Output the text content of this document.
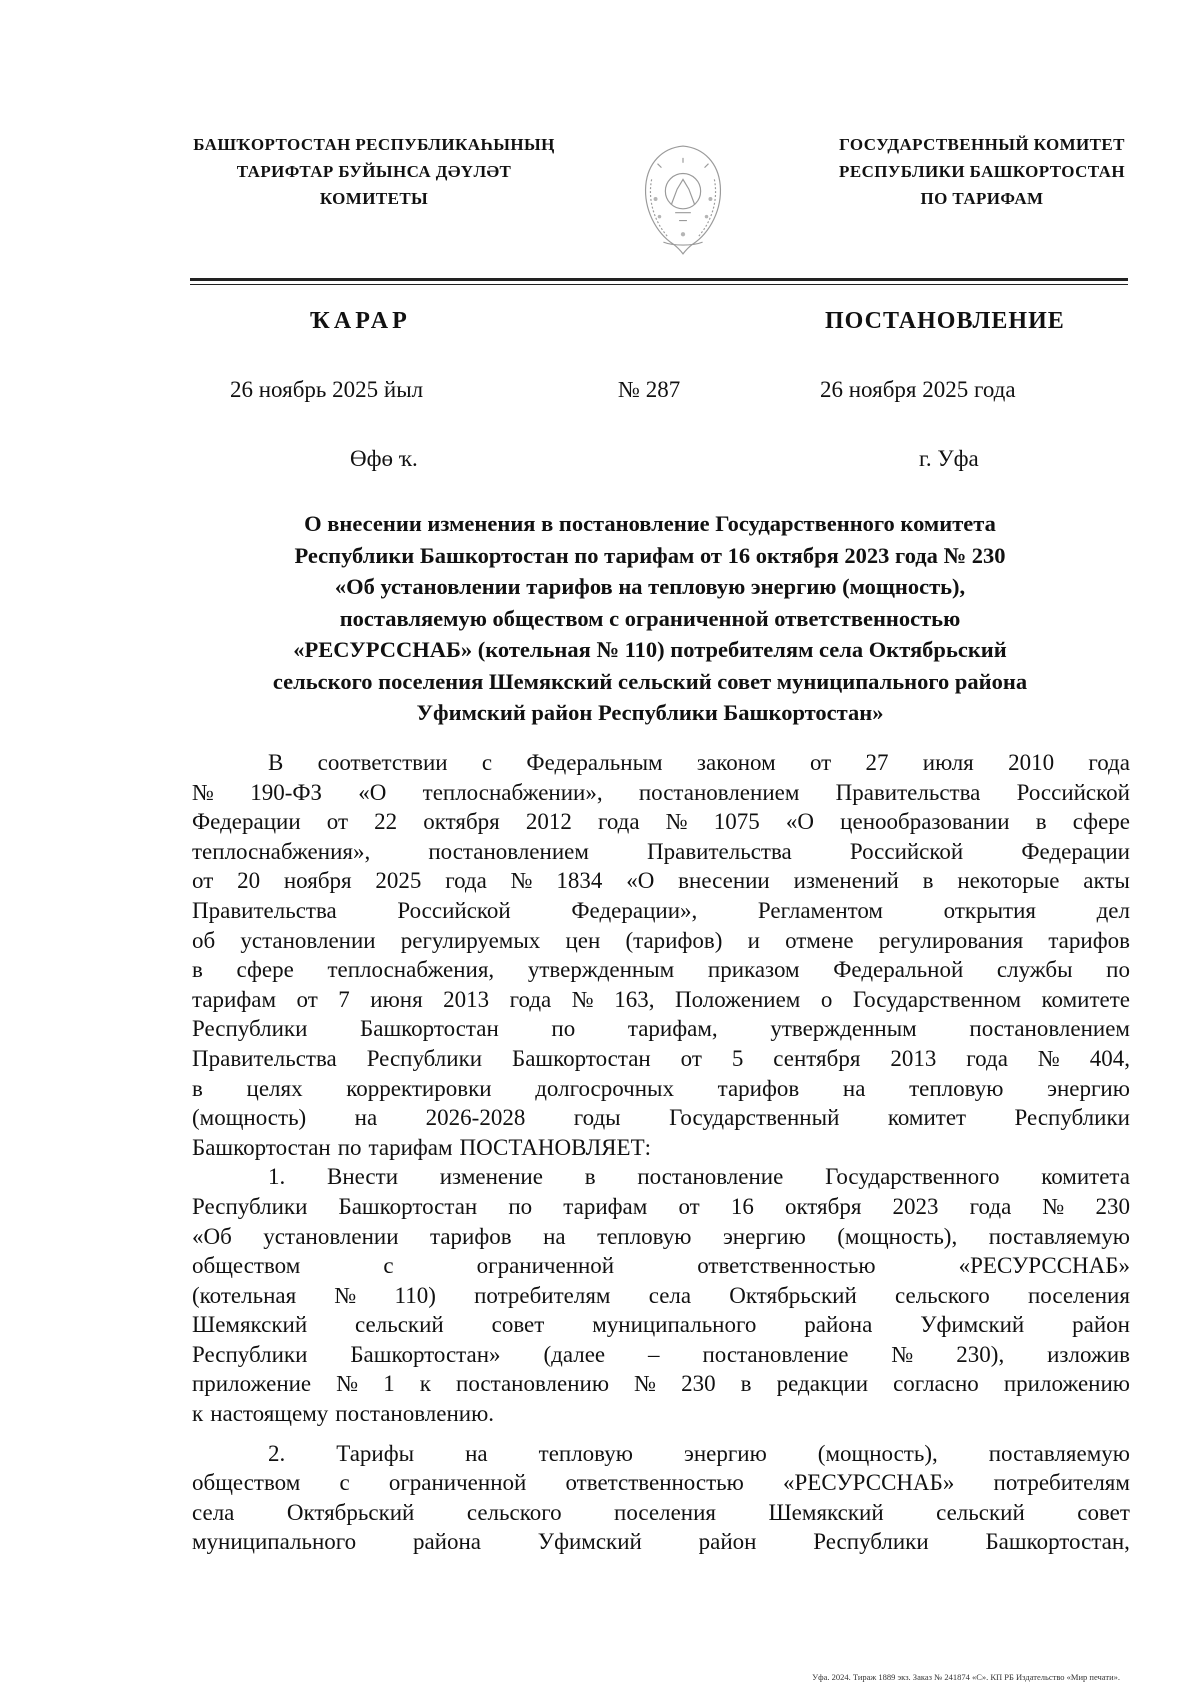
БАШҠОРТОСТАН РЕСПУБЛИКАҺЫНЫҢ
ТАРИФТАР БУЙЫНСА ДӘҮЛӘТ
КОМИТЕТЫ
ГОСУДАРСТВЕННЫЙ КОМИТЕТ
РЕСПУБЛИКИ БАШКОРТОСТАН
ПО ТАРИФАМ
ҠАРАР	ПОСТАНОВЛЕНИЕ
26 ноябрь 2025 йыл	№ 287	26 ноября 2025 года
Өфө ҡ.	г. Уфа
О внесении изменения в постановление Государственного комитета
Республики Башкортостан по тарифам от 16 октября 2023 года № 230
«Об установлении тарифов на тепловую энергию (мощность),
поставляемую обществом с ограниченной ответственностью
«РЕСУРССНАБ» (котельная № 110) потребителям села Октябрьский
сельского поселения Шемякский сельский совет муниципального района
Уфимский район Республики Башкортостан»
В соответствии с Федеральным законом от 27 июля 2010 года
№ 190-ФЗ «О теплоснабжении», постановлением Правительства Российской
Федерации от 22 октября 2012 года № 1075 «О ценообразовании в сфере
теплоснабжения»,	постановлением	Правительства	Российской	Федерации
от 20 ноября 2025 года № 1834 «О внесении изменений в некоторые акты
Правительства	Российской	Федерации»,	Регламентом	открытия	дел
об установлении регулируемых цен (тарифов) и отмене регулирования тарифов
в сфере теплоснабжения, утвержденным приказом Федеральной службы по
тарифам от 7 июня 2013 года № 163, Положением о Государственном комитете
Республики Башкортостан по тарифам, утвержденным постановлением
Правительства Республики Башкортостан от 5 сентября 2013 года № 404,
в целях корректировки долгосрочных тарифов на тепловую энергию
(мощность) на 2026-2028 годы Государственный комитет Республики
Башкортостан по тарифам ПОСТАНОВЛЯЕТ:
1. Внести изменение в постановление Государственного комитета
Республики Башкортостан по тарифам от 16 октября 2023 года № 230
«Об установлении тарифов на тепловую энергию (мощность), поставляемую
обществом	с	ограниченной	ответственностью	«РЕСУРССНАБ»
(котельная № 110) потребителям села Октябрьский сельского поселения
Шемякский сельский совет муниципального района Уфимский район
Республики Башкортостан» (далее – постановление № 230), изложив
приложение № 1 к постановлению № 230 в редакции согласно приложению
к настоящему постановлению.
2. Тарифы на тепловую энергию (мощность), поставляемую
обществом с ограниченной ответственностью «РЕСУРССНАБ» потребителям
села Октябрьский сельского поселения Шемякский сельский совет
муниципального района Уфимский район Республики Башкортостан,
Уфа. 2024. Тираж 1889 экз. Заказ № 241874 «С». КП РБ Издательство «Мир печати».
